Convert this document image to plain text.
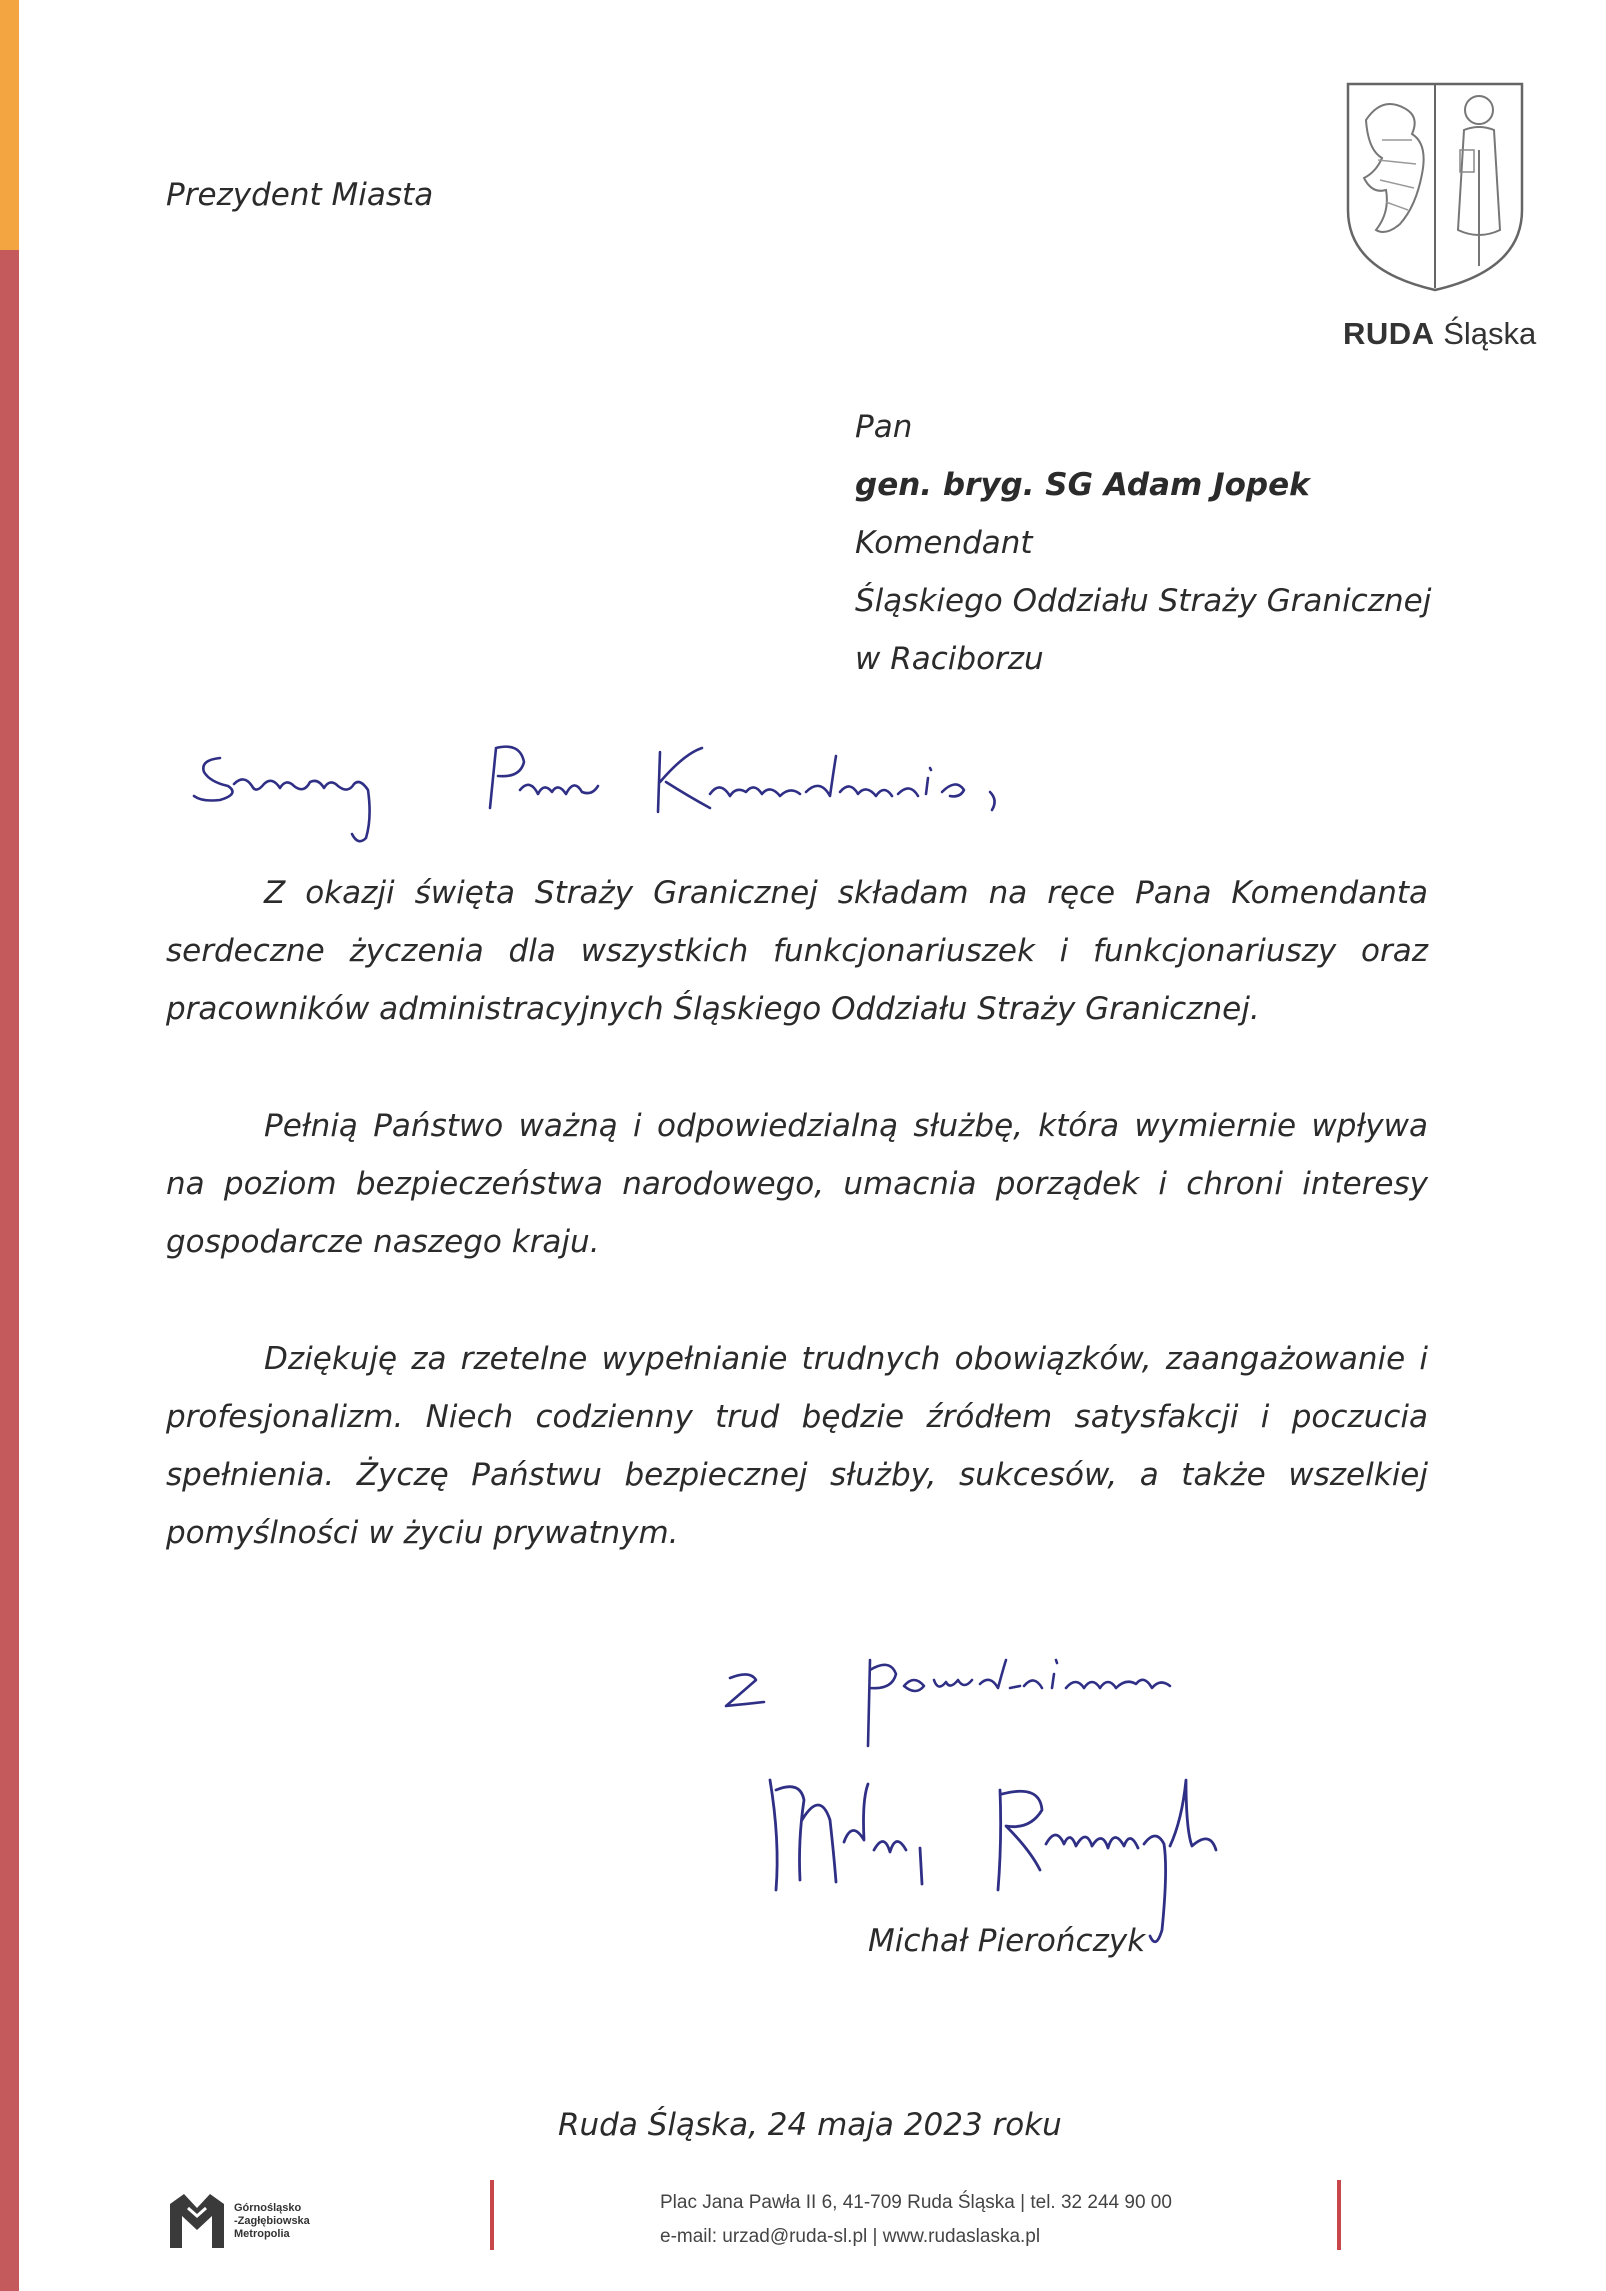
Prezydent Miasta
RUDA Śląska
Pan
gen. bryg. SG Adam Jopek
Komendant
Śląskiego Oddziału Straży Granicznej
w Raciborzu

Z okazji święta Straży Granicznej składam na ręce Pana Komendanta serdeczne życzenia dla wszystkich funkcjonariuszek i funkcjonariuszy oraz pracowników administracyjnych Śląskiego Oddziału Straży Granicznej.

Pełnią Państwo ważną i odpowiedzialną służbę, która wymiernie wpływa na poziom bezpieczeństwa narodowego, umacnia porządek i chroni interesy gospodarcze naszego kraju.

Dziękuję za rzetelne wypełnianie trudnych obowiązków, zaangażowanie i profesjonalizm. Niech codzienny trud będzie źródłem satysfakcji i poczucia spełnienia. Życzę Państwu bezpiecznej służby, sukcesów, a także wszelkiej pomyślności w życiu prywatnym.

Michał Pierończyk
Ruda Śląska, 24 maja 2023 roku
Górnośląsko
-Zagłębiowska
Metropolia
Plac Jana Pawła II 6, 41-709 Ruda Śląska | tel. 32 244 90 00
e-mail: urzad@ruda-sl.pl | www.rudaslaska.pl
